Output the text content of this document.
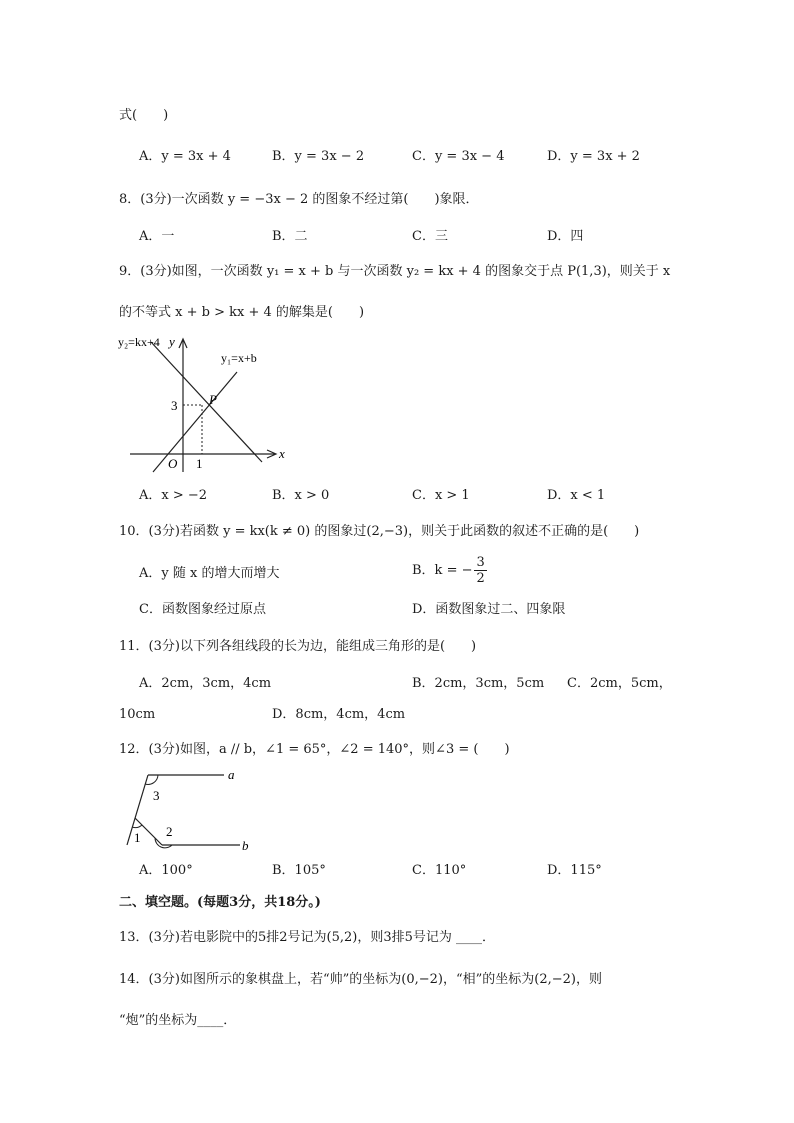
式(　　)
A．y = 3x + 4	B．y = 3x − 2	C．y = 3x − 4	D．y = 3x + 2
8．(3分)一次函数 y = −3x − 2 的图象不经过第(　　)象限．
A．一	B．二	C．三	D．四
9．(3分)如图，一次函数 y₁ = x + b 与一次函数 y₂ = kx + 4 的图象交于点 P(1,3)，则关于 x
的不等式 x + b > kx + 4 的解集是(　　)
y₂=kx+4 y
y₁=x+b
P
3
O 1
x
A．x > −2	B．x > 0	C．x > 1	D．x < 1
10．(3分)若函数 y = kx(k ≠ 0) 的图象过(2,−3)，则关于此函数的叙述不正确的是(　　)
A．y 随 x 的增大而增大	B．k = − $\frac{3}{2}$
C．函数图象经过原点	D．函数图象过二、四象限
11．(3分)以下列各组线段的长为边，能组成三角形的是(　　)
A．2cm，3cm，4cm	B．2cm，3cm，5cm C．2cm，5cm，
10cm	D．8cm，4cm，4cm
12．(3分)如图，a // b，∠1 = 65°，∠2 = 140°，则∠3 = (　　)
a
b
3
1 2
A．100°	B．105°	C．110°	D．115°
二、填空题。(每题3分，共18分。)
13．(3分)若电影院中的5排2号记为(5,2)，则3排5号记为 ____．
14．(3分)如图所示的象棋盘上，若“帅”的坐标为(0,−2)，“相”的坐标为(2,−2)，则
“炮”的坐标为____．
